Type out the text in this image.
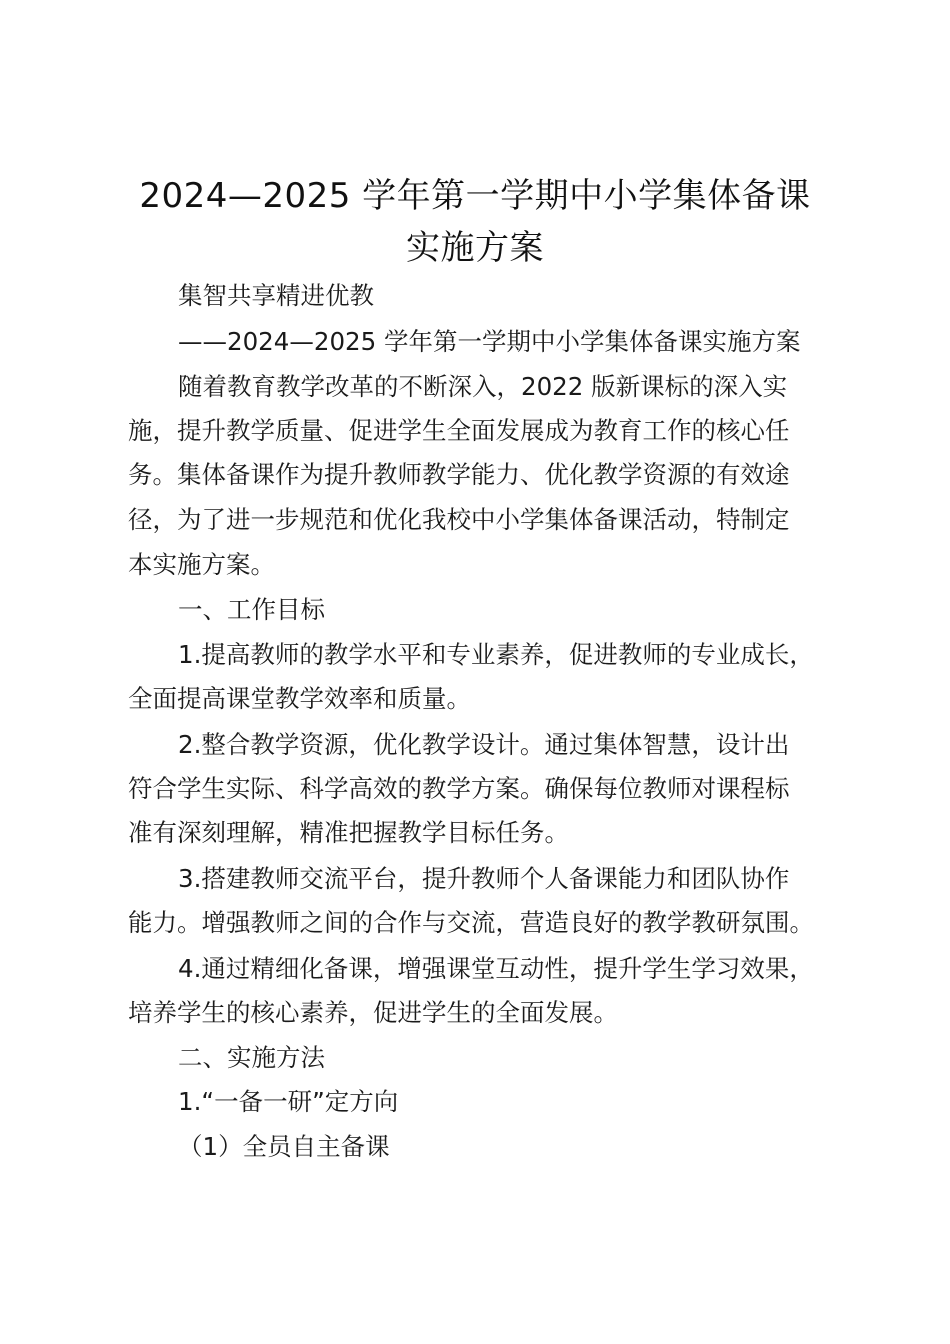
2024—2025 学年第一学期中小学集体备课
实施方案
集智共享精进优教
——2024—2025 学年第一学期中小学集体备课实施方案
随着教育教学改革的不断深入，2022 版新课标的深入实
施，提升教学质量、促进学生全面发展成为教育工作的核心任
务。集体备课作为提升教师教学能力、优化教学资源的有效途
径，为了进一步规范和优化我校中小学集体备课活动，特制定
本实施方案。
一、工作目标
1.提高教师的教学水平和专业素养，促进教师的专业成长，
全面提高课堂教学效率和质量。
2.整合教学资源，优化教学设计。通过集体智慧，设计出
符合学生实际、科学高效的教学方案。确保每位教师对课程标
准有深刻理解，精准把握教学目标任务。
3.搭建教师交流平台，提升教师个人备课能力和团队协作
能力。增强教师之间的合作与交流，营造良好的教学教研氛围。
4.通过精细化备课，增强课堂互动性，提升学生学习效果，
培养学生的核心素养，促进学生的全面发展。
二、实施方法
1.“一备一研”定方向
（1）全员自主备课
